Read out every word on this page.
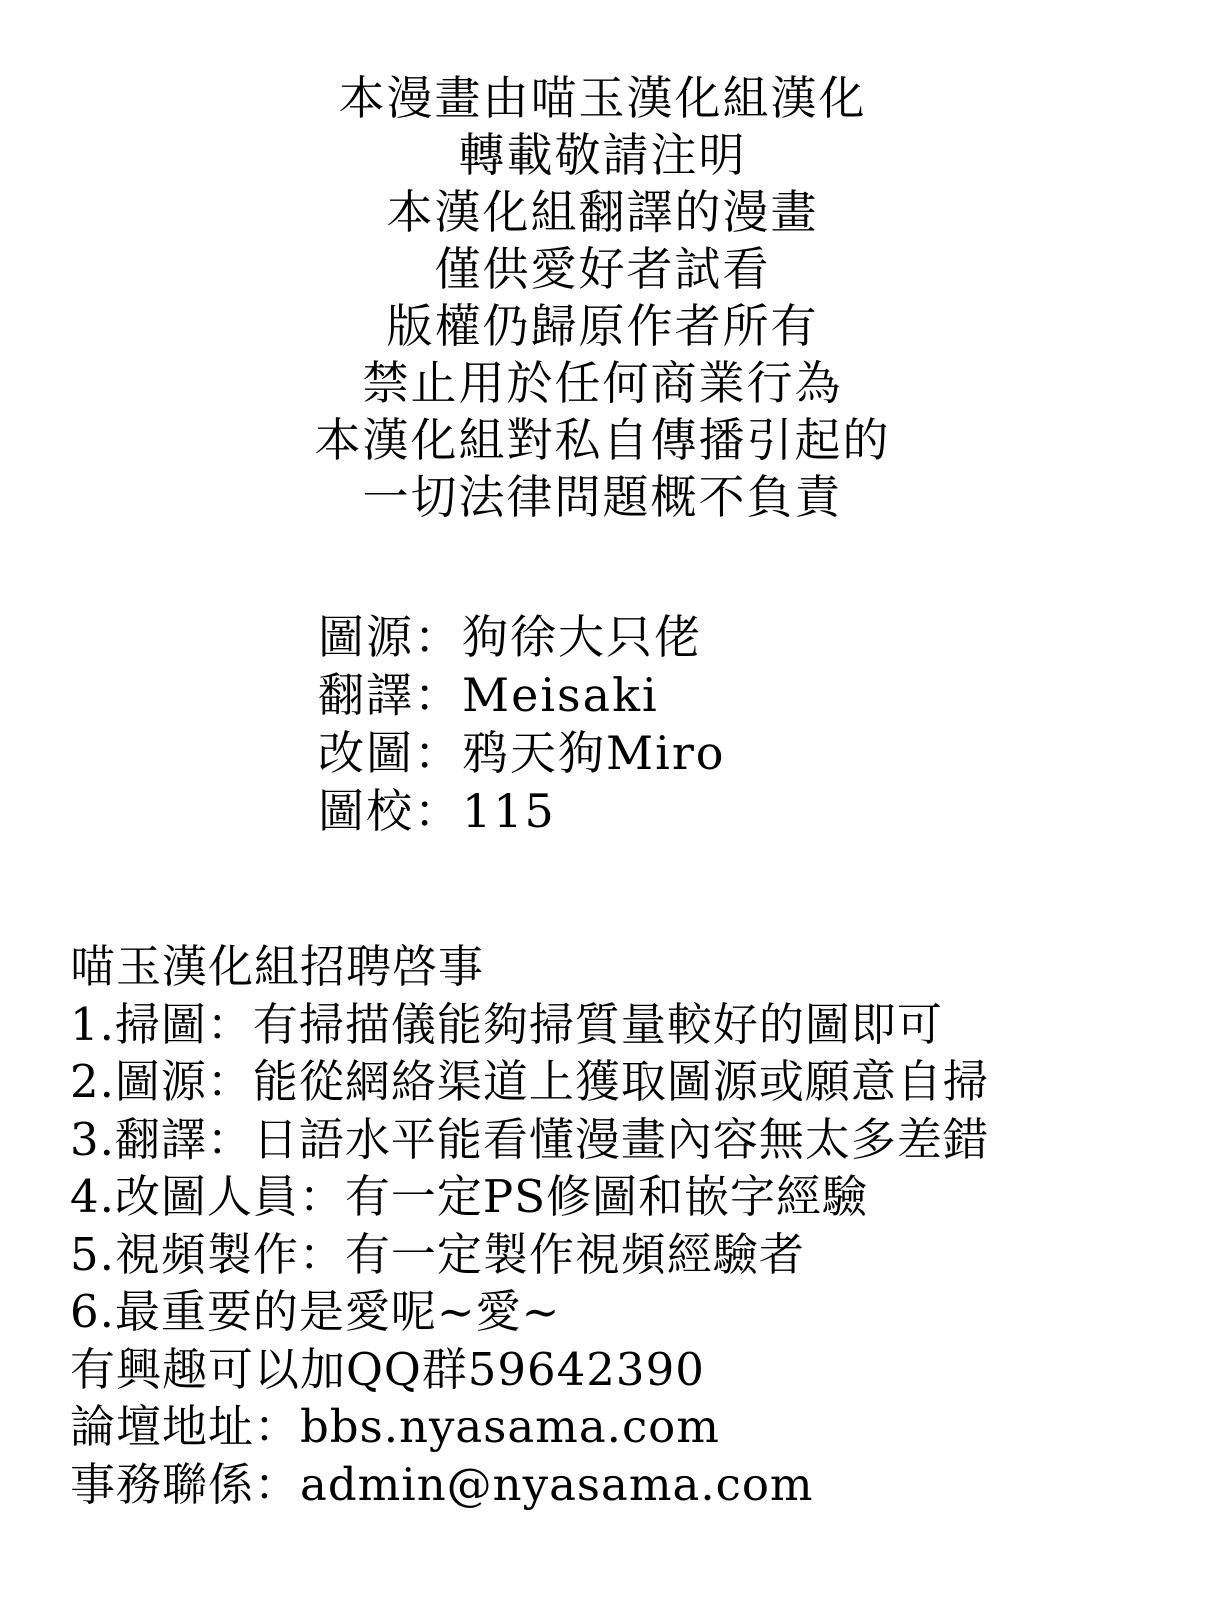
本漫畫由喵玉漢化組漢化
轉載敬請注明
本漢化組翻譯的漫畫
僅供愛好者試看
版權仍歸原作者所有
禁止用於任何商業行為
本漢化組對私自傳播引起的
一切法律問題概不負責
圖源：狗徐大只佬
翻譯：Meisaki
改圖：鸦天狗Miro
圖校：115
喵玉漢化組招聘啓事
1.掃圖：有掃描儀能夠掃質量較好的圖即可
2.圖源：能從網絡渠道上獲取圖源或願意自掃
3.翻譯：日語水平能看懂漫畫內容無太多差錯
4.改圖人員：有一定PS修圖和嵌字經驗
5.視頻製作：有一定製作視頻經驗者
6.最重要的是愛呢~愛~
有興趣可以加QQ群59642390
論壇地址：bbs.nyasama.com
事務聯係：admin@nyasama.com
